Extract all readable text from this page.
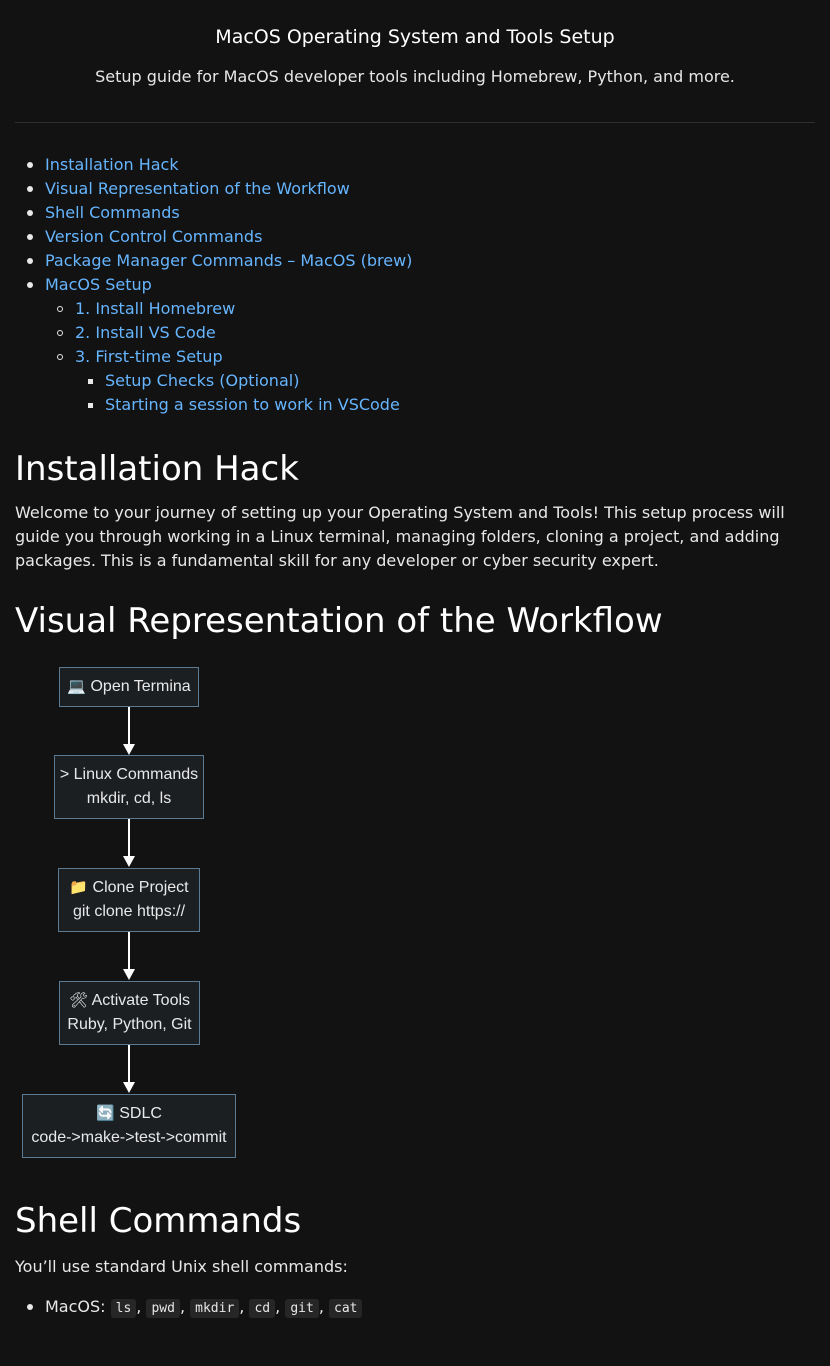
MacOS Operating System and Tools Setup

Setup guide for MacOS developer tools including Homebrew, Python, and more.

Installation Hack
Visual Representation of the Workflow
Shell Commands
Version Control Commands
Package Manager Commands – MacOS (brew)
MacOS Setup
1. Install Homebrew
2. Install VS Code
3. First-time Setup
Setup Checks (Optional)
Starting a session to work in VSCode
Installation Hack

Welcome to your journey of setting up your Operating System and Tools! This setup process will guide you through working in a Linux terminal, managing folders, cloning a project, and adding packages. This is a fundamental skill for any developer or cyber security expert.

Visual Representation of the Workflow
💻 Open Termina
> Linux Commands
mkdir, cd, ls
📁 Clone Project
git clone https://
🛠 Activate Tools
Ruby, Python, Git
🔄 SDLC
code->make->test->commit
Shell Commands

You’ll use standard Unix shell commands:

MacOS: ls , pwd , mkdir , cd , git , cat
